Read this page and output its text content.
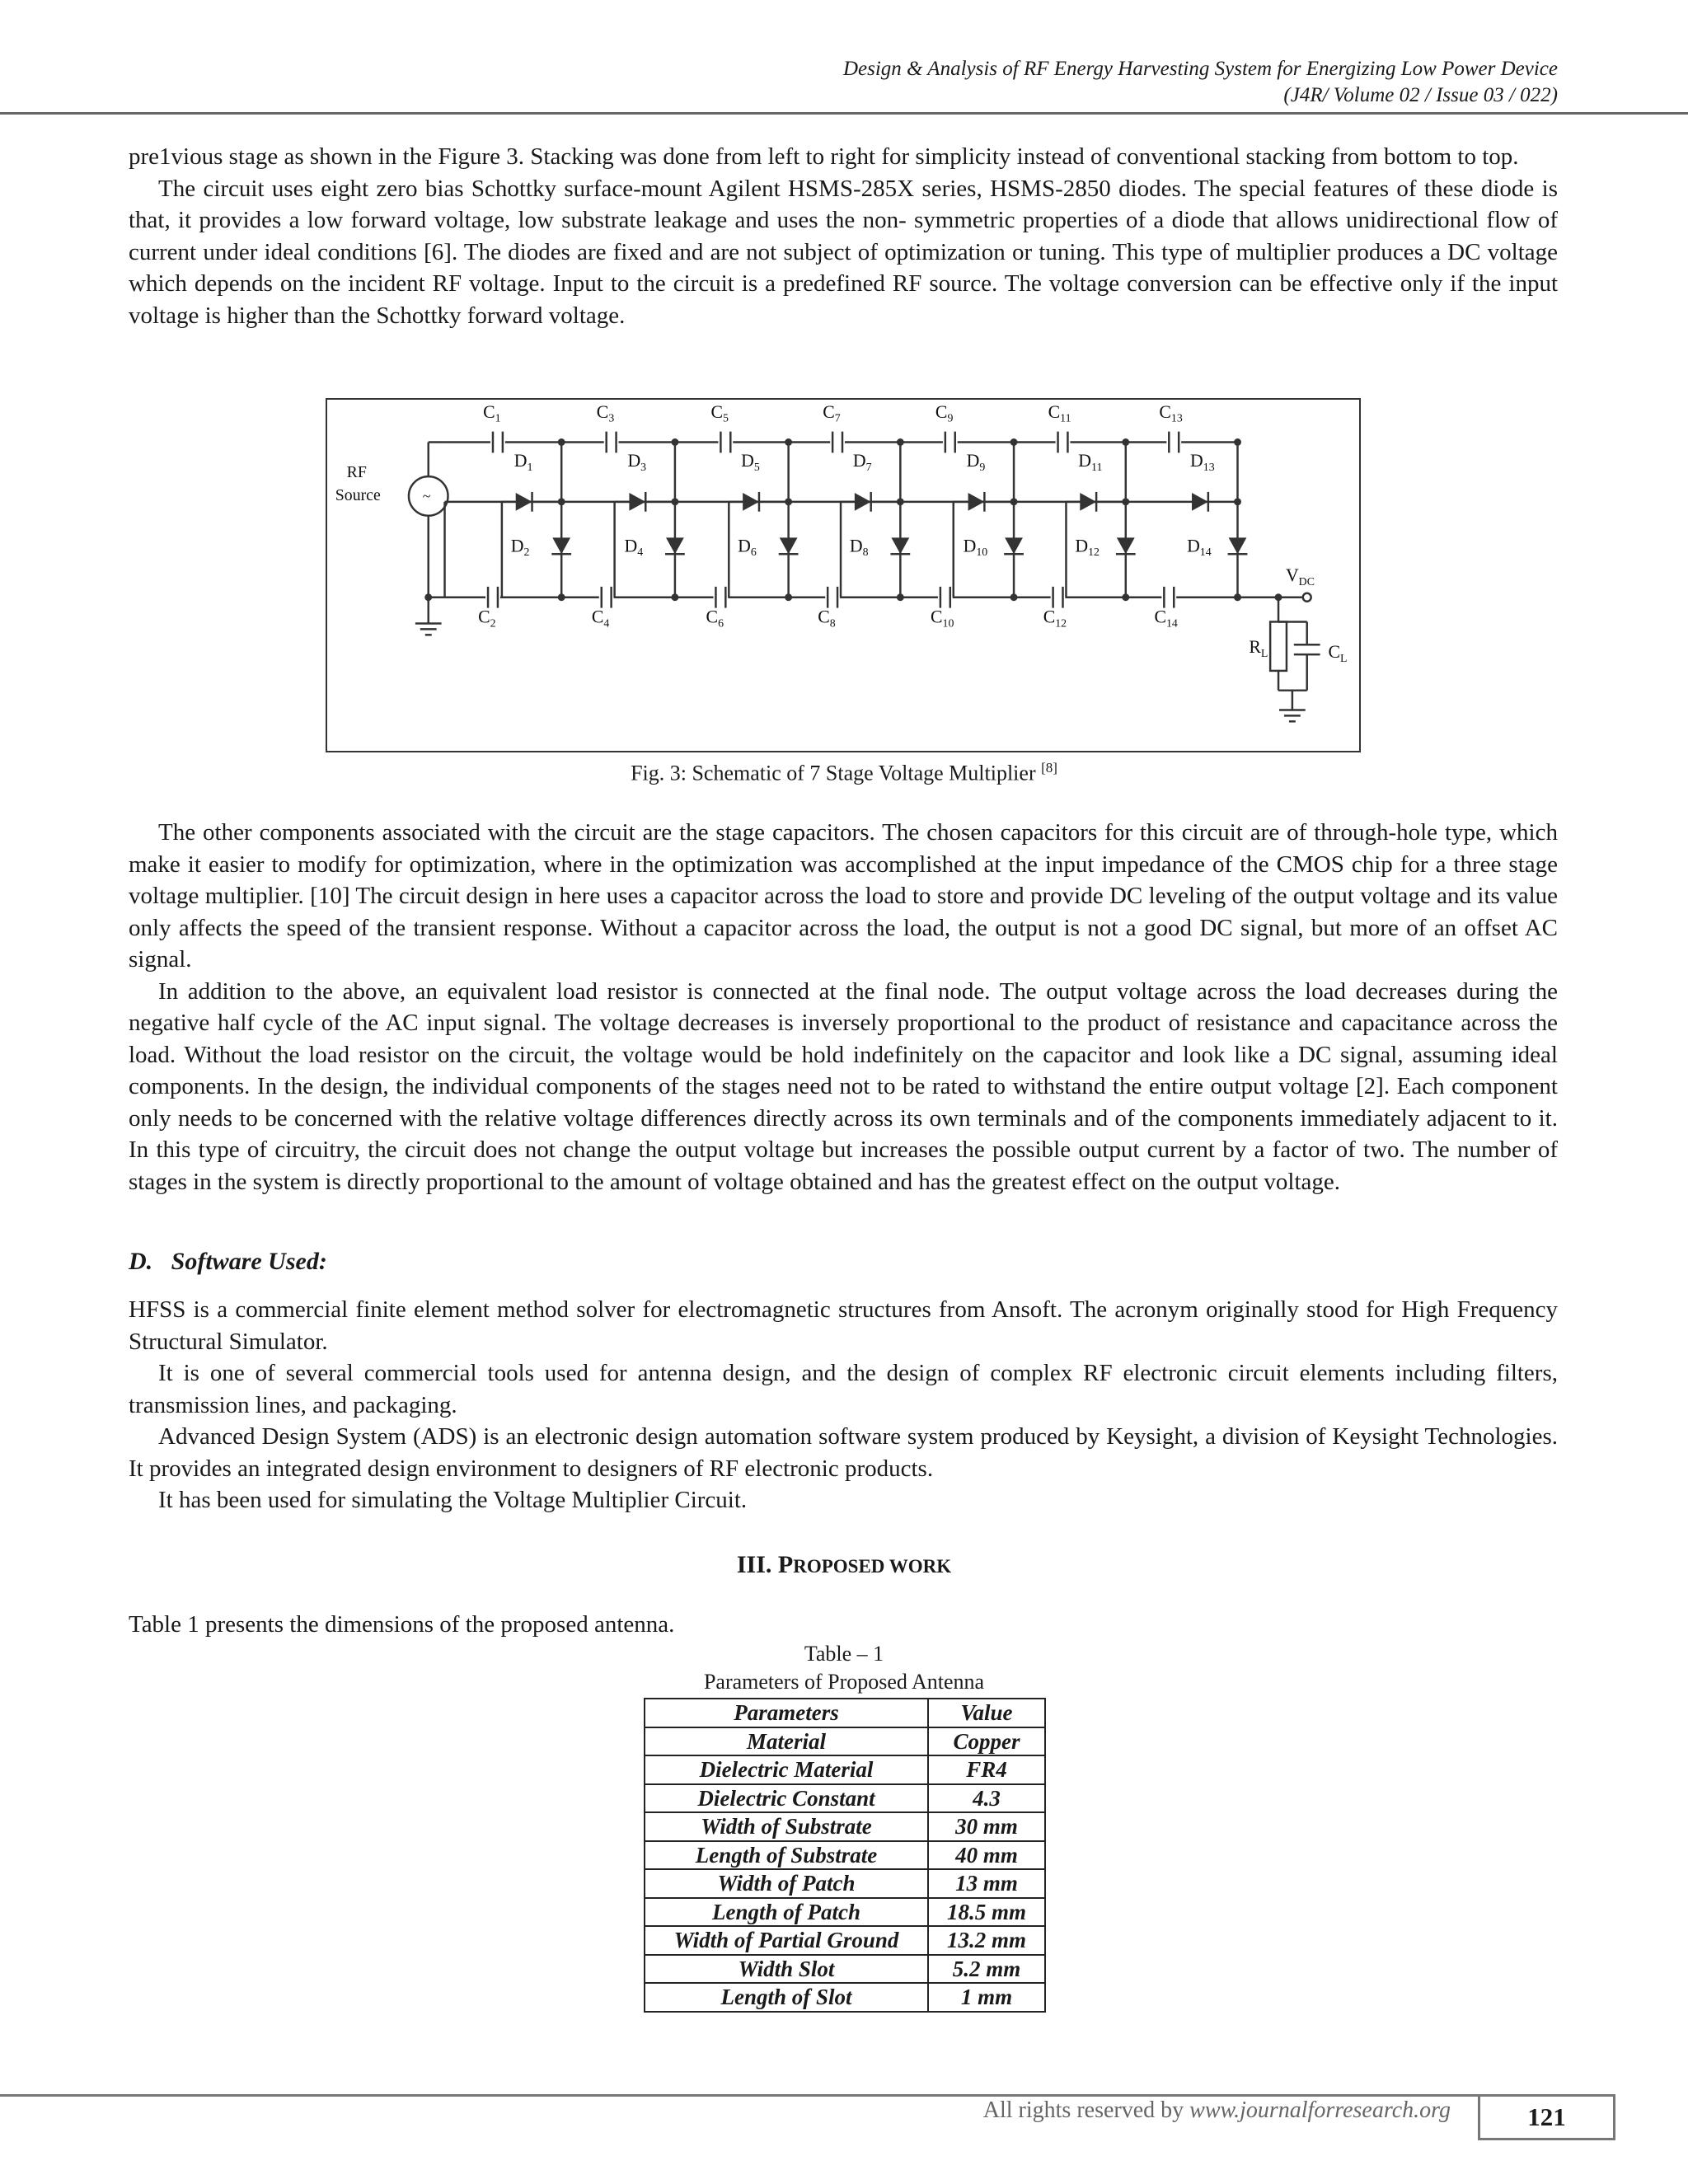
Design & Analysis of RF Energy Harvesting System for Energizing Low Power Device
(J4R/ Volume 02 / Issue 03 / 022)

pre1vious stage as shown in the Figure 3. Stacking was done from left to right for simplicity instead of conventional stacking from bottom to top.

The circuit uses eight zero bias Schottky surface-mount Agilent HSMS-285X series, HSMS-2850 diodes. The special features of these diode is that, it provides a low forward voltage, low substrate leakage and uses the non- symmetric properties of a diode that allows unidirectional flow of current under ideal conditions [6]. The diodes are fixed and are not subject of optimization or tuning. This type of multiplier produces a DC voltage which depends on the incident RF voltage. Input to the circuit is a predefined RF source. The voltage conversion can be effective only if the input voltage is higher than the Schottky forward voltage.

RF
Source	~
$C_1$
$D_1$
$D_2$
$C_2$
$C_3$
$D_3$
$D_4$
$C_4$
$C_5$
$D_5$
$D_6$
$C_6$
$C_7$
$D_7$
$D_8$
$C_8$
$C_9$
$D_9$
$D_{10}$
$C_{10}$
$C_{11}$
$D_{11}$
$D_{12}$
$C_{12}$
$C_{13}$
$D_{13}$
$D_{14}$
$C_{14}$
$V_{DC}$
$R_L$	$C_L$
Fig. 3: Schematic of 7 Stage Voltage Multiplier [8]

The other components associated with the circuit are the stage capacitors. The chosen capacitors for this circuit are of through-hole type, which make it easier to modify for optimization, where in the optimization was accomplished at the input impedance of the CMOS chip for a three stage voltage multiplier. [10] The circuit design in here uses a capacitor across the load to store and provide DC leveling of the output voltage and its value only affects the speed of the transient response. Without a capacitor across the load, the output is not a good DC signal, but more of an offset AC signal.

In addition to the above, an equivalent load resistor is connected at the final node. The output voltage across the load decreases during the negative half cycle of the AC input signal. The voltage decreases is inversely proportional to the product of resistance and capacitance across the load. Without the load resistor on the circuit, the voltage would be hold indefinitely on the capacitor and look like a DC signal, assuming ideal components. In the design, the individual components of the stages need not to be rated to withstand the entire output voltage [2]. Each component only needs to be concerned with the relative voltage differences directly across its own terminals and of the components immediately adjacent to it. In this type of circuitry, the circuit does not change the output voltage but increases the possible output current by a factor of two. The number of stages in the system is directly proportional to the amount of voltage obtained and has the greatest effect on the output voltage.

D. Software Used:

HFSS is a commercial finite element method solver for electromagnetic structures from Ansoft. The acronym originally stood for High Frequency Structural Simulator.

It is one of several commercial tools used for antenna design, and the design of complex RF electronic circuit elements including filters, transmission lines, and packaging.

Advanced Design System (ADS) is an electronic design automation software system produced by Keysight, a division of Keysight Technologies. It provides an integrated design environment to designers of RF electronic products.

It has been used for simulating the Voltage Multiplier Circuit.

III. PROPOSED WORK

Table 1 presents the dimensions of the proposed antenna.

Table – 1
Parameters of Proposed Antenna
Parameters	Value
Material	Copper
Dielectric Material	FR4
Dielectric Constant	4.3
Width of Substrate	30 mm
Length of Substrate	40 mm
Width of Patch	13 mm
Length of Patch	18.5 mm
Width of Partial Ground	13.2 mm
Width Slot	5.2 mm
Length of Slot	1 mm
All rights reserved by www.journalforresearch.org	121
